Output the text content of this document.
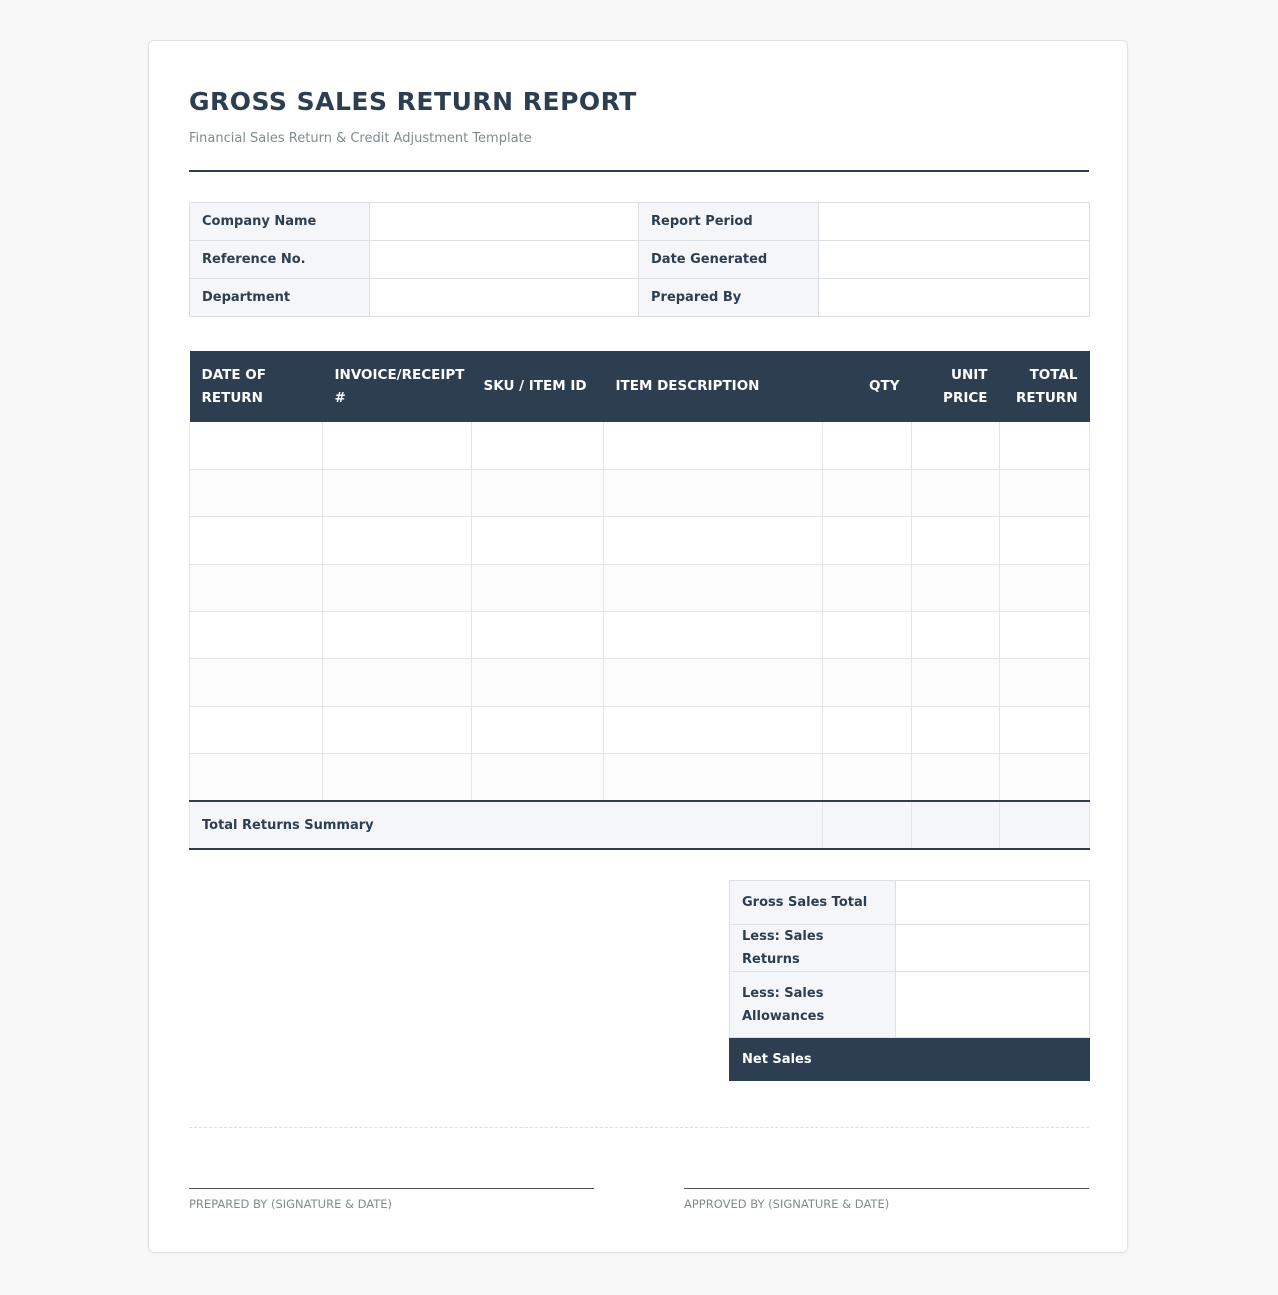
GROSS SALES RETURN REPORT
Financial Sales Return & Credit Adjustment Template
Company Name		Report Period	
Reference No.		Date Generated	
Department		Prepared By	
DATE OF RETURN	INVOICE/RECEIPT #	SKU / ITEM ID	ITEM DESCRIPTION	QTY	UNIT PRICE	TOTAL RETURN

Total Returns Summary						
Gross Sales Total	
Less: Sales Returns	
Less: Sales Allowances	
Net Sales	
PREPARED BY (SIGNATURE & DATE)	APPROVED BY (SIGNATURE & DATE)
